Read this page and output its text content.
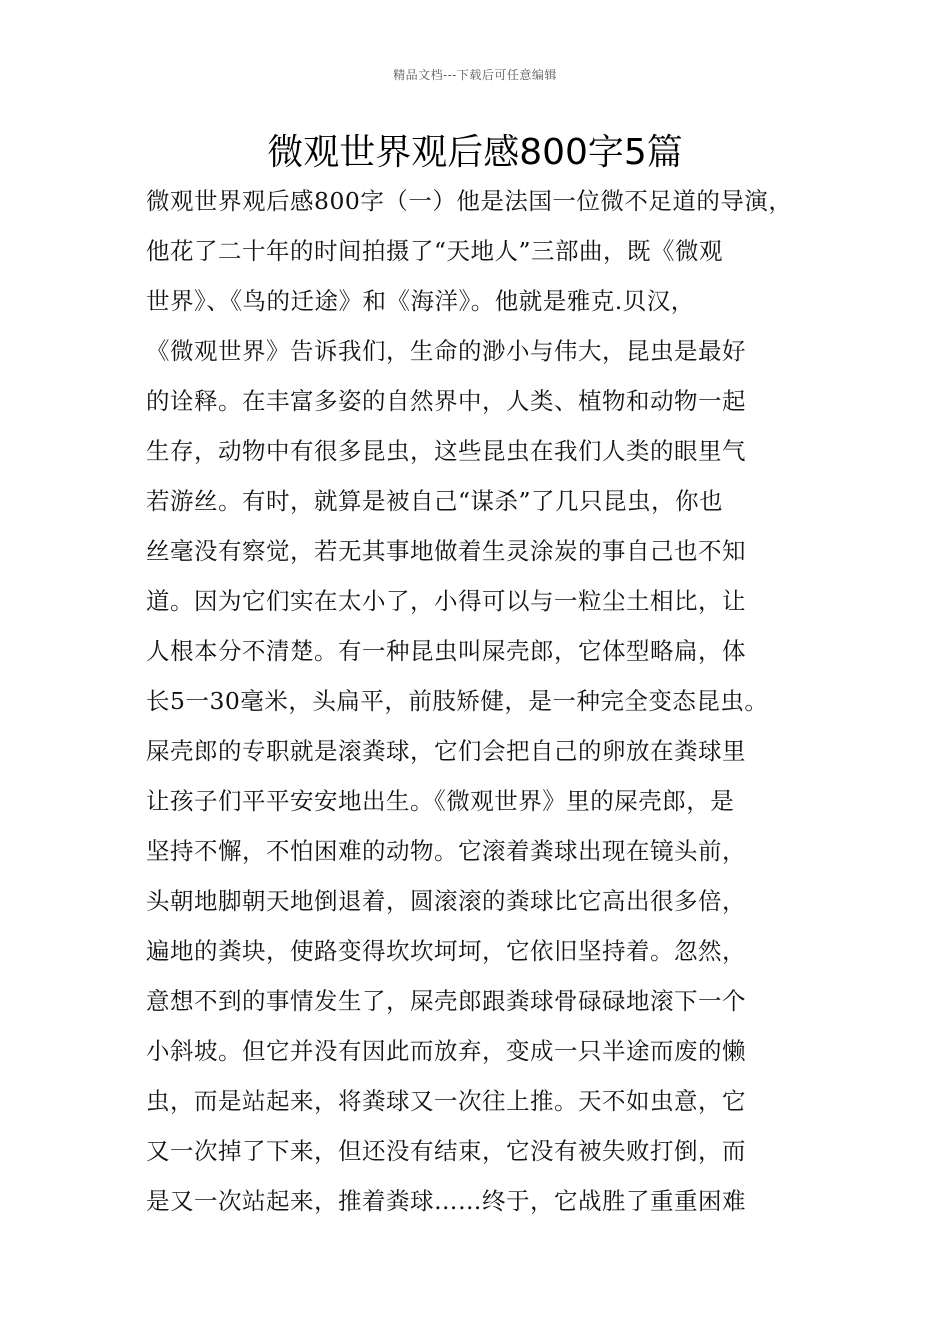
精品文档---下载后可任意编辑
微观世界观后感800字5篇
微观世界观后感800字（一）他是法国一位微不足道的导演，
他花了二十年的时间拍摄了“天地人”三部曲，既《微观
世界》、《鸟的迁途》和《海洋》。他就是雅克.贝汉，
《微观世界》告诉我们，生命的渺小与伟大，昆虫是最好
的诠释。在丰富多姿的自然界中，人类、植物和动物一起
生存，动物中有很多昆虫，这些昆虫在我们人类的眼里气
若游丝。有时，就算是被自己“谋杀”了几只昆虫，你也
丝毫没有察觉，若无其事地做着生灵涂炭的事自己也不知
道。因为它们实在太小了，小得可以与一粒尘土相比，让
人根本分不清楚。有一种昆虫叫屎壳郎，它体型略扁，体
长5一30毫米，头扁平，前肢矫健，是一种完全变态昆虫。
屎壳郎的专职就是滚粪球，它们会把自己的卵放在粪球里
让孩子们平平安安地出生。《微观世界》里的屎壳郎，是
坚持不懈，不怕困难的动物。它滚着粪球出现在镜头前，
头朝地脚朝天地倒退着，圆滚滚的粪球比它高出很多倍，
遍地的粪块，使路变得坎坎坷坷，它依旧坚持着。忽然，
意想不到的事情发生了，屎壳郎跟粪球骨碌碌地滚下一个
小斜坡。但它并没有因此而放弃，变成一只半途而废的懒
虫，而是站起来，将粪球又一次往上推。天不如虫意，它
又一次掉了下来，但还没有结束，它没有被失败打倒，而
是又一次站起来，推着粪球……终于，它战胜了重重困难
